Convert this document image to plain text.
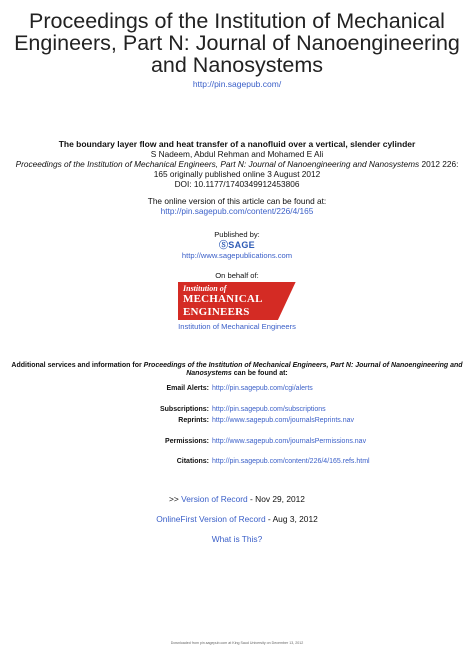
Proceedings of the Institution of Mechanical
Engineers, Part N: Journal of Nanoengineering
and Nanosystems
http://pin.sagepub.com/
The boundary layer flow and heat transfer of a nanofluid over a vertical, slender cylinder
S Nadeem, Abdul Rehman and Mohamed E Ali
Proceedings of the Institution of Mechanical Engineers, Part N: Journal of Nanoengineering and Nanosystems 2012 226:
165 originally published online 3 August 2012
DOI: 10.1177/1740349912453806
The online version of this article can be found at:
http://pin.sagepub.com/content/226/4/165
Published by:
ⓈSAGE
http://www.sagepublications.com
On behalf of:
Institution of
MECHANICAL
ENGINEERS
Institution of Mechanical Engineers
Additional services and information for Proceedings of the Institution of Mechanical Engineers, Part N: Journal of Nanoengineering and Nanosystems can be found at:
Email Alerts: http://pin.sagepub.com/cgi/alerts
Subscriptions: http://pin.sagepub.com/subscriptions
Reprints: http://www.sagepub.com/journalsReprints.nav
Permissions: http://www.sagepub.com/journalsPermissions.nav
Citations: http://pin.sagepub.com/content/226/4/165.refs.html
>> Version of Record - Nov 29, 2012
OnlineFirst Version of Record - Aug 3, 2012
What is This?
Downloaded from pin.sagepub.com at King Saud University on December 13, 2012
